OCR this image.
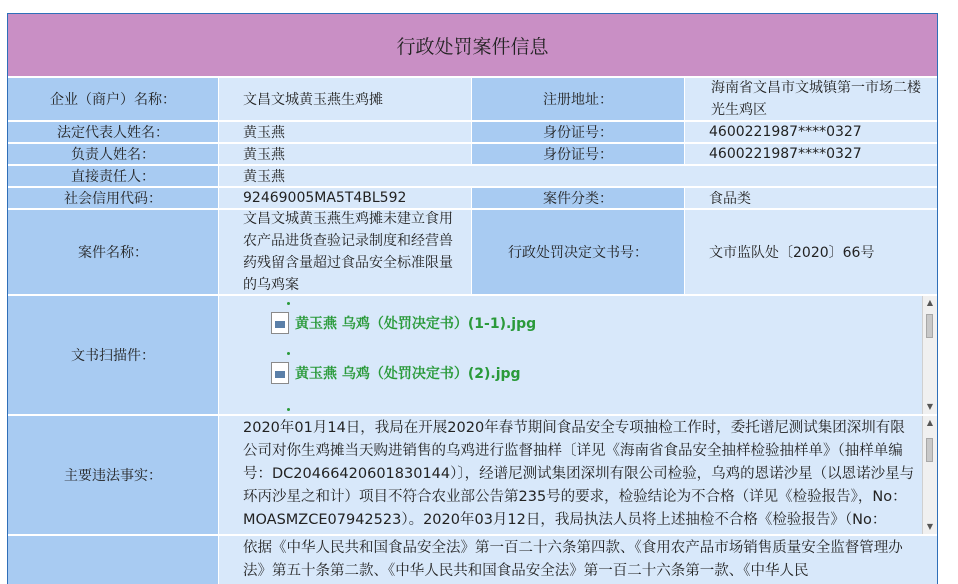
行政处罚案件信息
企业（商户）名称：	文昌文城黄玉燕生鸡摊	注册地址：
海南省文昌市文城镇第一市场二楼光生鸡区
法定代表人姓名：	黄玉燕	身份证号：	4600221987****0327
负责人姓名：	黄玉燕	身份证号：	4600221987****0327
直接责任人：	黄玉燕
社会信用代码：	92469005MA5T4BL592	案件分类：	食品类
案件名称：
文昌文城黄玉燕生鸡摊未建立食用农产品进货查验记录制度和经营兽药残留含量超过食品安全标准限量的乌鸡案
行政处罚决定文书号：	文市监队处〔2020〕66号
文书扫描件：
黄玉燕 乌鸡（处罚决定书）(1-1).jpg
黄玉燕 乌鸡（处罚决定书）(2).jpg
▲
▼
主要违法事实：

2020年01月14日，我局在开展2020年春节期间食品安全专项抽检工作时，委托谱尼测试集团深圳有限公司对你生鸡摊当天购进销售的乌鸡进行监督抽样〔详见《海南省食品安全抽样检验抽样单》（抽样单编号：DC20466420601830144）〕，经谱尼测试集团深圳有限公司检验，乌鸡的恩诺沙星（以恩诺沙星与环丙沙星之和计）项目不符合农业部公告第235号的要求，检验结论为不合格（详见《检验报告》，No：MOASMZCE07942523）。2020年03月12日，我局执法人员将上述抽检不合格《检验报告》（No：

▲
▼

依据《中华人民共和国食品安全法》第一百二十六条第四款、《食用农产品市场销售质量安全监督管理办法》第五十条第二款、《中华人民共和国食品安全法》第一百二十六条第一款、《中华人民
